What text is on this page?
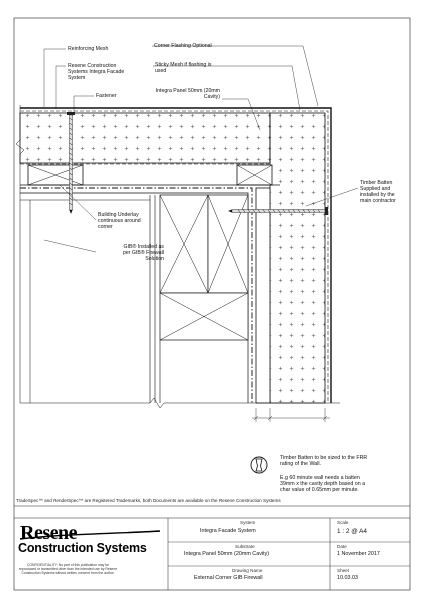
Reinforcing Mesh
Resene Construction
Systems Integra Facade
System
Fastener
Corner Flashing Optional
Sticky Mesh if flashing is
used
Integra Panel 50mm (20mm
Cavity)
Timber Batten
Supplied and
installed by the
main contractor
Building Underlay
continuous around
corner
GIB® Installed as
per GIB® Firewall
Solution
Timber Batten to be sized to the FRR
rating of the Wall.
E.g 60 minute wall needs a batten
39mm x the cavity depth based on a
char value of 0.65mm per minute.
TradeSpec™ and RenderSpec™ are Registered Trademarks, both Documents are available on the Resene Construction Systems
Resene
Construction Systems
CONFIDENTIALITY: No part of this publication may be reproduced or transmitted other than the intended use by Resene Construction Systems without written consent from the author.
System
Integra Facade System
Substrate
Integra Panel 50mm (20mm Cavity)
Drawing Name
External Corner GIB Firewall
Scale
1 : 2 @ A4
Date
1 November 2017
Sheet
10.03.03
